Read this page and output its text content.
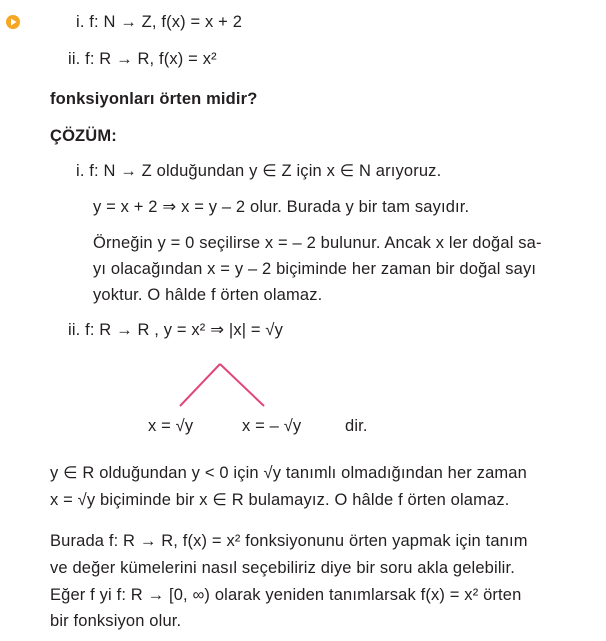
i. f: N → Z, f(x) = x + 2
ii. f: R → R, f(x) = x²
fonksiyonları örten midir?
ÇÖZÜM:
i. f: N → Z olduğundan y ∈ Z için x ∈ N arıyoruz.
y = x + 2 ⇒ x = y – 2 olur. Burada y bir tam sayıdır.
Örneğin y = 0 seçilirse x = – 2 bulunur. Ancak x ler doğal sa-
yı olacağından x = y – 2 biçiminde her zaman bir doğal sayı
yoktur. O hâlde f örten olamaz.
ii. f: R → R , y = x² ⇒ |x| = √y
x = √y	x = – √y	dir.
y ∈ R olduğundan y < 0 için √y tanımlı olmadığından her zaman
x = √y biçiminde bir x ∈ R bulamayız. O hâlde f örten olamaz.
Burada f: R → R, f(x) = x² fonksiyonunu örten yapmak için tanım
ve değer kümelerini nasıl seçebiliriz diye bir soru akla gelebilir.
Eğer f yi f: R → [0, ∞) olarak yeniden tanımlarsak f(x) = x² örten
bir fonksiyon olur.
